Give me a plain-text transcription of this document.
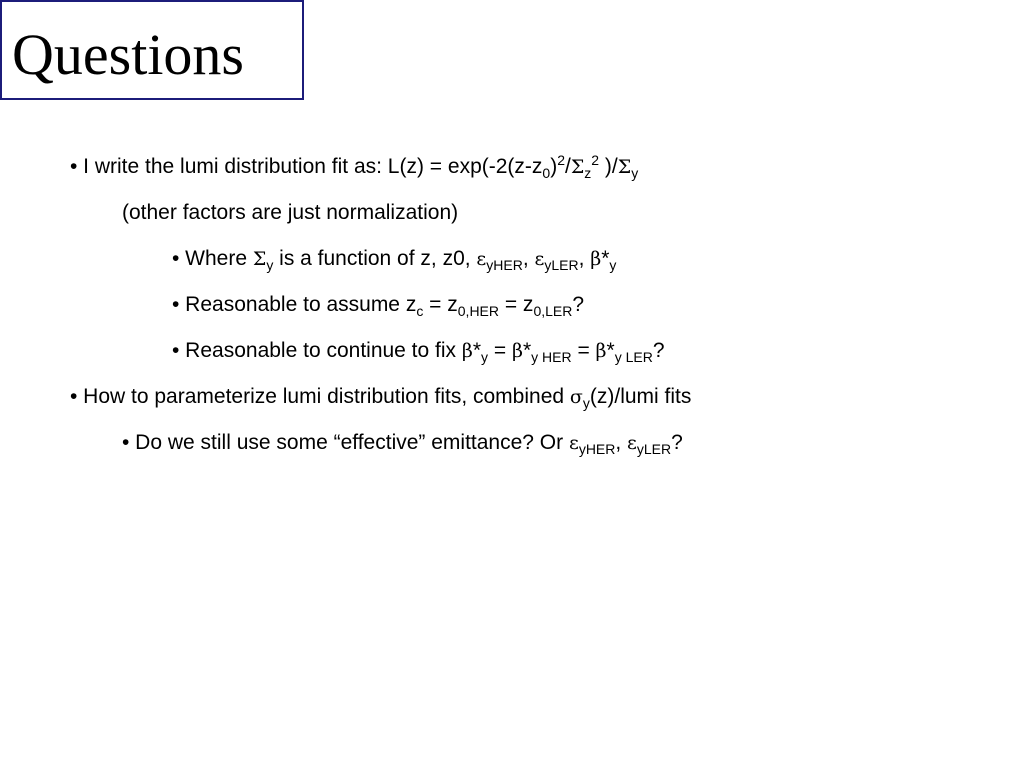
Questions
• I write the lumi distribution fit as: $L(z) = \exp(-2(z-z_0)^2/\Sigma_z^2$ )$/\Sigma_y$
(other factors are just normalization)
• Where $\Sigma_y$ is a function of z, z0, $\varepsilon_{yHER}$, $\varepsilon_{yLER}$, $\beta*_y$
• Reasonable to assume $z_c = z_{0,HER} = z_{0,LER}$?
• Reasonable to continue to fix $\beta*_y = \beta*_{y HER} = \beta*_{y LER}$?
• How to parameterize lumi distribution fits, combined $\sigma_y(z)$/lumi fits
• Do we still use some “effective” emittance? Or $\varepsilon_{yHER}$, $\varepsilon_{yLER}$?
